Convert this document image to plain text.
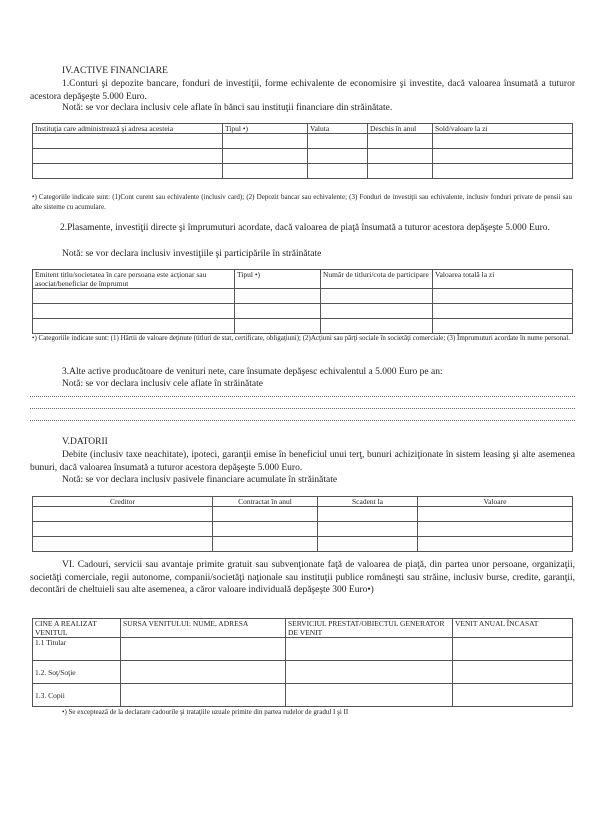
IV.ACTIVE FINANCIARE
1.Conturi şi depozite bancare, fonduri de investiţii, forme echivalente de economisire şi investite, dacă valoarea însumată a tuturor acestora depăşeşte 5.000 Euro.
Notă: se vor declara inclusiv cele aflate în bănci sau instituţii financiare din străinătate.
Instituţia care administrează şi adresa acesteia	Tipul •)	Valuta	Deschis în anul	Sold/valoare la zi

•) Categoriile indicate sunt: (1)Cont curent sau echivalente (inclusiv card); (2) Depozit bancar sau echivalente; (3) Fonduri de investiţii sau echivalente, inclusiv fonduri private de pensii sau alte sisteme cu acumulare.
2.Plasamente, investiţii directe şi împrumuturi acordate, dacă valoarea de piaţă însumată a tuturor acestora depăşeşte 5.000 Euro.
Notă: se vor declara inclusiv investiţiile şi participările în străinătate
Emitent titlu/societatea în care persoana este acţionar sau asociat/beneficiar de împrumut	Tipul •)	Număr de titluri/cota de participare	Valoarea totală la zi

•) Categoriile indicate sunt: (1) Hârtii de valoare deţinute (titluri de stat, certificate, obligaţiuni); (2)Acţiuni sau părţi sociale în societăţi comerciale; (3) Împrumuturi acordate în nume personal.
3.Alte active producătoare de venituri nete, care însumate depăşesc echivalentul a 5.000 Euro pe an:
Notă: se vor declara inclusiv cele aflate în străinătate
V.DATORII
Debite (inclusiv taxe neachitate), ipoteci, garanţii emise în beneficiul unui terţ, bunuri achiziţionate în sistem leasing şi alte asemenea bunuri, dacă valoarea însumată a tuturor acestora depăşeşte 5.000 Euro.
Notă: se vor declara inclusiv pasivele financiare acumulate în străinătate
Creditor	Contractat în anul	Scadent la	Valoare

VI. Cadouri, servicii sau avantaje primite gratuit sau subvenţionate faţă de valoarea de piaţă, din partea unor persoane, organizaţii, societăţi comerciale, regii autonome, companii/societăţi naţionale sau instituţii publice româneşti sau străine, inclusiv burse, credite, garanţii, decontări de cheltuieli sau alte asemenea, a căror valoare individuală depăşeşte 300 Euro•)
CINE A REALIZAT VENITUL	SURSA VENITULUI: NUME, ADRESA	SERVICIUL PRESTAT/OBIECTUL GENERATOR DE VENIT	VENIT ANUAL ÎNCASAT
1.1 Titular			
1.2. Soţ/Soţie			
1.3. Copii			
•) Se exceptează de la declarare cadourile şi trataţiile uzuale primite din partea rudelor de gradul I şi II
